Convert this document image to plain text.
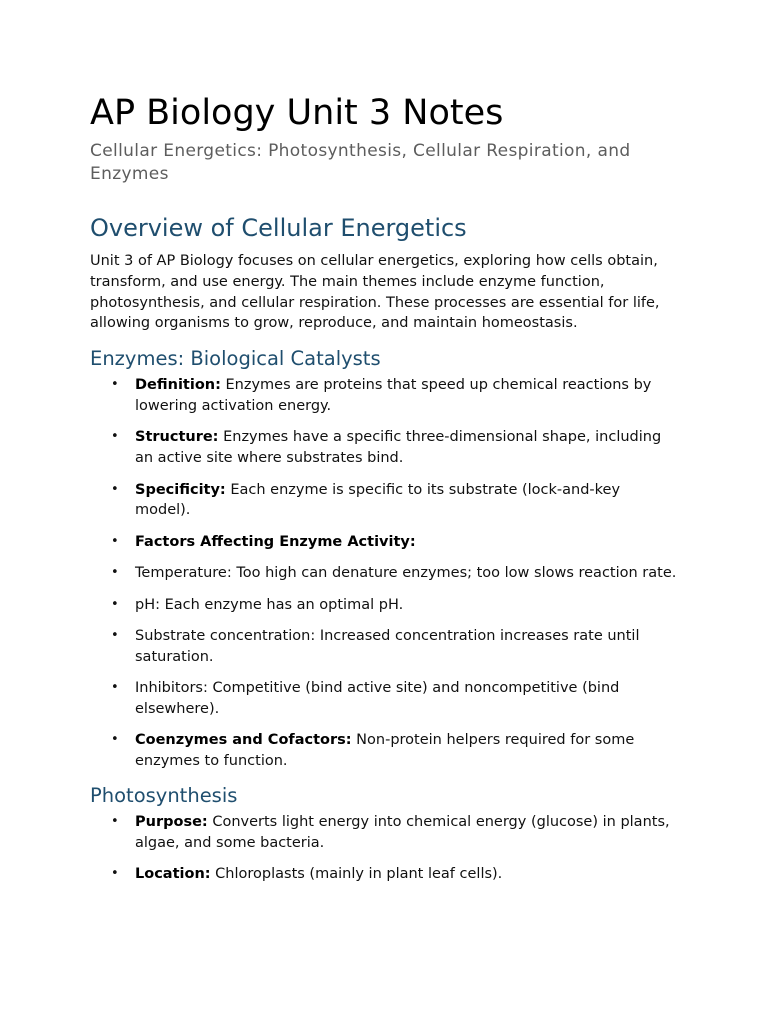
AP Biology Unit 3 Notes
Cellular Energetics: Photosynthesis, Cellular Respiration, and Enzymes
Overview of Cellular Energetics

Unit 3 of AP Biology focuses on cellular energetics, exploring how cells obtain, transform, and use energy. The main themes include enzyme function, photosynthesis, and cellular respiration. These processes are essential for life, allowing organisms to grow, reproduce, and maintain homeostasis.

Enzymes: Biological Catalysts
• Definition: Enzymes are proteins that speed up chemical reactions by lowering activation energy.
• Structure: Enzymes have a specific three-dimensional shape, including an active site where substrates bind.
• Specificity: Each enzyme is specific to its substrate (lock-and-key model).
• Factors Affecting Enzyme Activity:
• Temperature: Too high can denature enzymes; too low slows reaction rate.
• pH: Each enzyme has an optimal pH.
• Substrate concentration: Increased concentration increases rate until saturation.
• Inhibitors: Competitive (bind active site) and noncompetitive (bind elsewhere).
• Coenzymes and Cofactors: Non-protein helpers required for some enzymes to function.
Photosynthesis
• Purpose: Converts light energy into chemical energy (glucose) in plants, algae, and some bacteria.
• Location: Chloroplasts (mainly in plant leaf cells).
